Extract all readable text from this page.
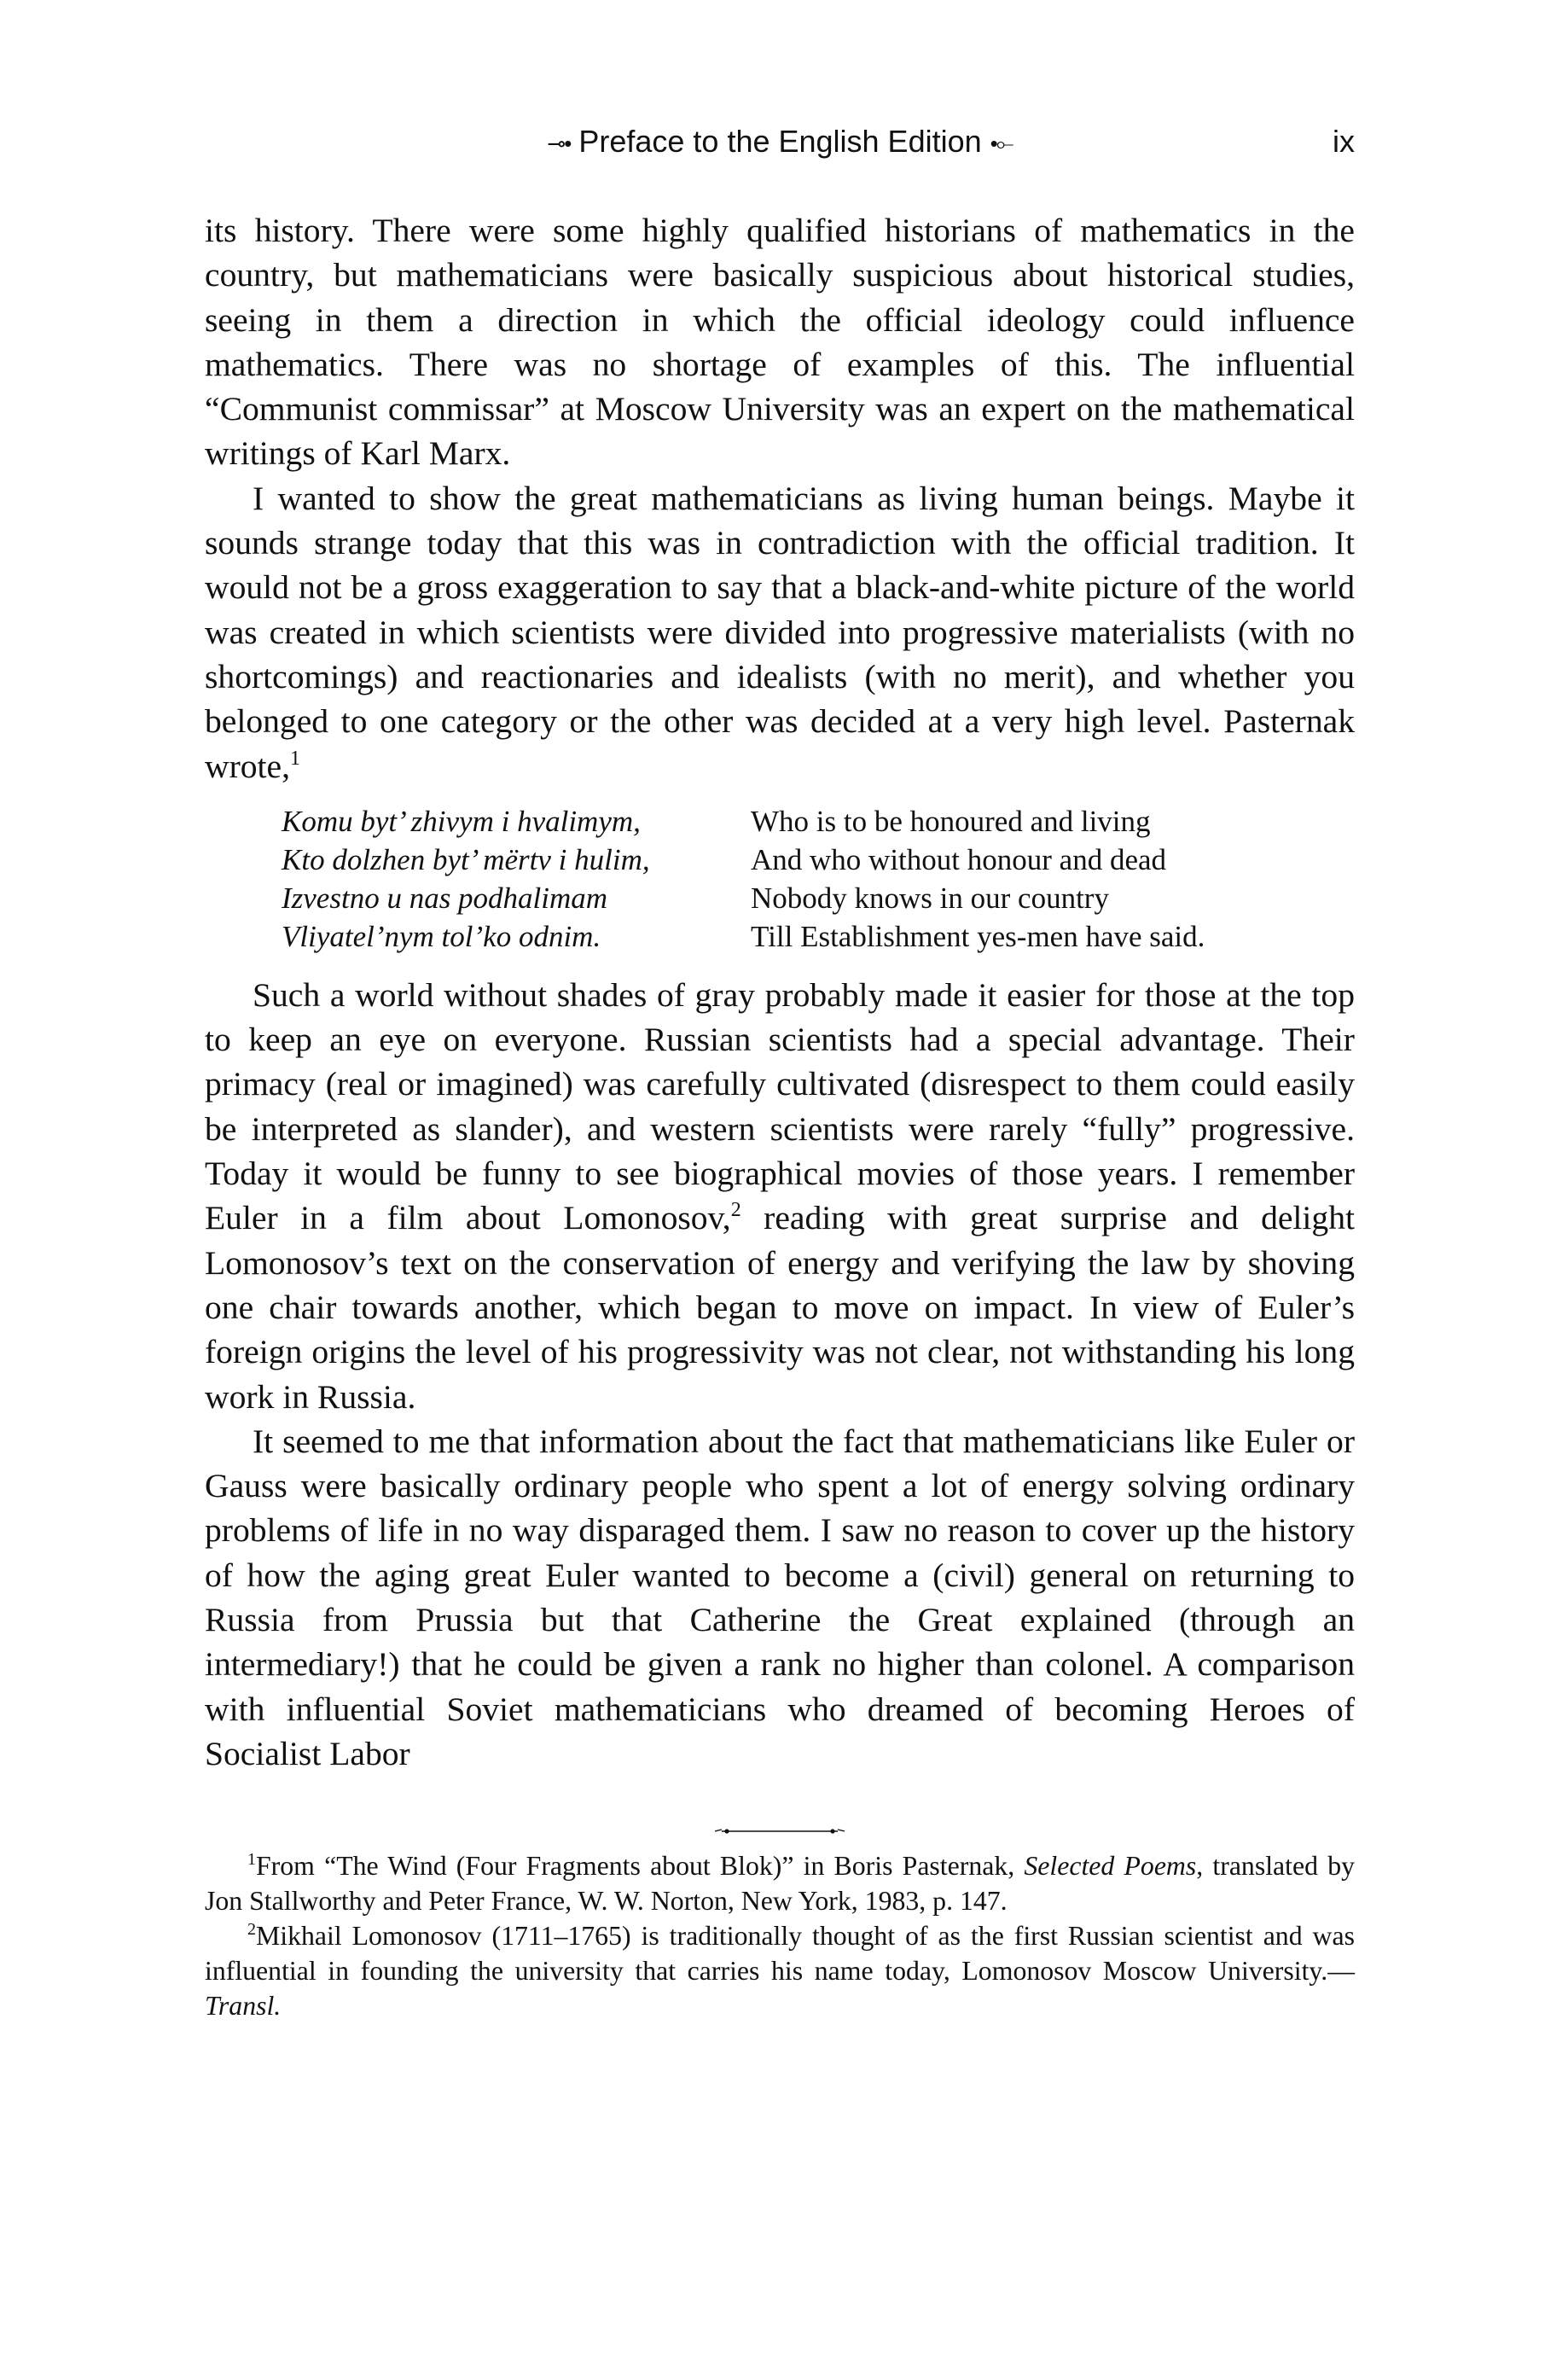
⊸• Preface to the English Edition •⟜	ix

its history. There were some highly qualified historians of mathematics in the country, but mathematicians were basically suspicious about historical studies, seeing in them a direction in which the official ideology could influence mathematics. There was no shortage of examples of this. The influential “Communist commissar” at Moscow University was an expert on the mathematical writings of Karl Marx.

I wanted to show the great mathematicians as living human beings. Maybe it sounds strange today that this was in contradiction with the official tradition. It would not be a gross exaggeration to say that a black-and-white picture of the world was created in which scientists were divided into progressive materialists (with no shortcomings) and reactionaries and idealists (with no merit), and whether you belonged to one category or the other was decided at a very high level. Pasternak wrote,$^1$

Komu byt’ zhivym i hvalimym,
Kto dolzhen byt’ mërtv i hulim,
Izvestno u nas podhalimam
Vliyatel’nym tol’ko odnim.
Who is to be honoured and living
And who without honour and dead
Nobody knows in our country
Till Establishment yes-men have said.

Such a world without shades of gray probably made it easier for those at the top to keep an eye on everyone. Russian scientists had a special advantage. Their primacy (real or imagined) was carefully cultivated (disrespect to them could easily be interpreted as slander), and western scientists were rarely “fully” progressive. Today it would be funny to see biographical movies of those years. I remember Euler in a film about Lomonosov,$^2$ reading with great surprise and delight Lomonosov’s text on the conservation of energy and verifying the law by shoving one chair towards another, which began to move on impact. In view of Euler’s foreign origins the level of his progressivity was not clear, not withstanding his long work in Russia.

It seemed to me that information about the fact that mathematicians like Euler or Gauss were basically ordinary people who spent a lot of energy solving ordinary problems of life in no way disparaged them. I saw no reason to cover up the history of how the aging great Euler wanted to become a (civil) general on returning to Russia from Prussia but that Catherine the Great explained (through an intermediary!) that he could be given a rank no higher than colonel. A comparison with influential Soviet mathematicians who dreamed of becoming Heroes of Socialist Labor

$^1$From “The Wind (Four Fragments about Blok)” in Boris Pasternak, Selected Poems, translated by Jon Stallworthy and Peter France, W. W. Norton, New York, 1983, p. 147.

$^2$Mikhail Lomonosov (1711–1765) is traditionally thought of as the first Russian scientist and was influential in founding the university that carries his name today, Lomonosov Moscow University.—Transl.
